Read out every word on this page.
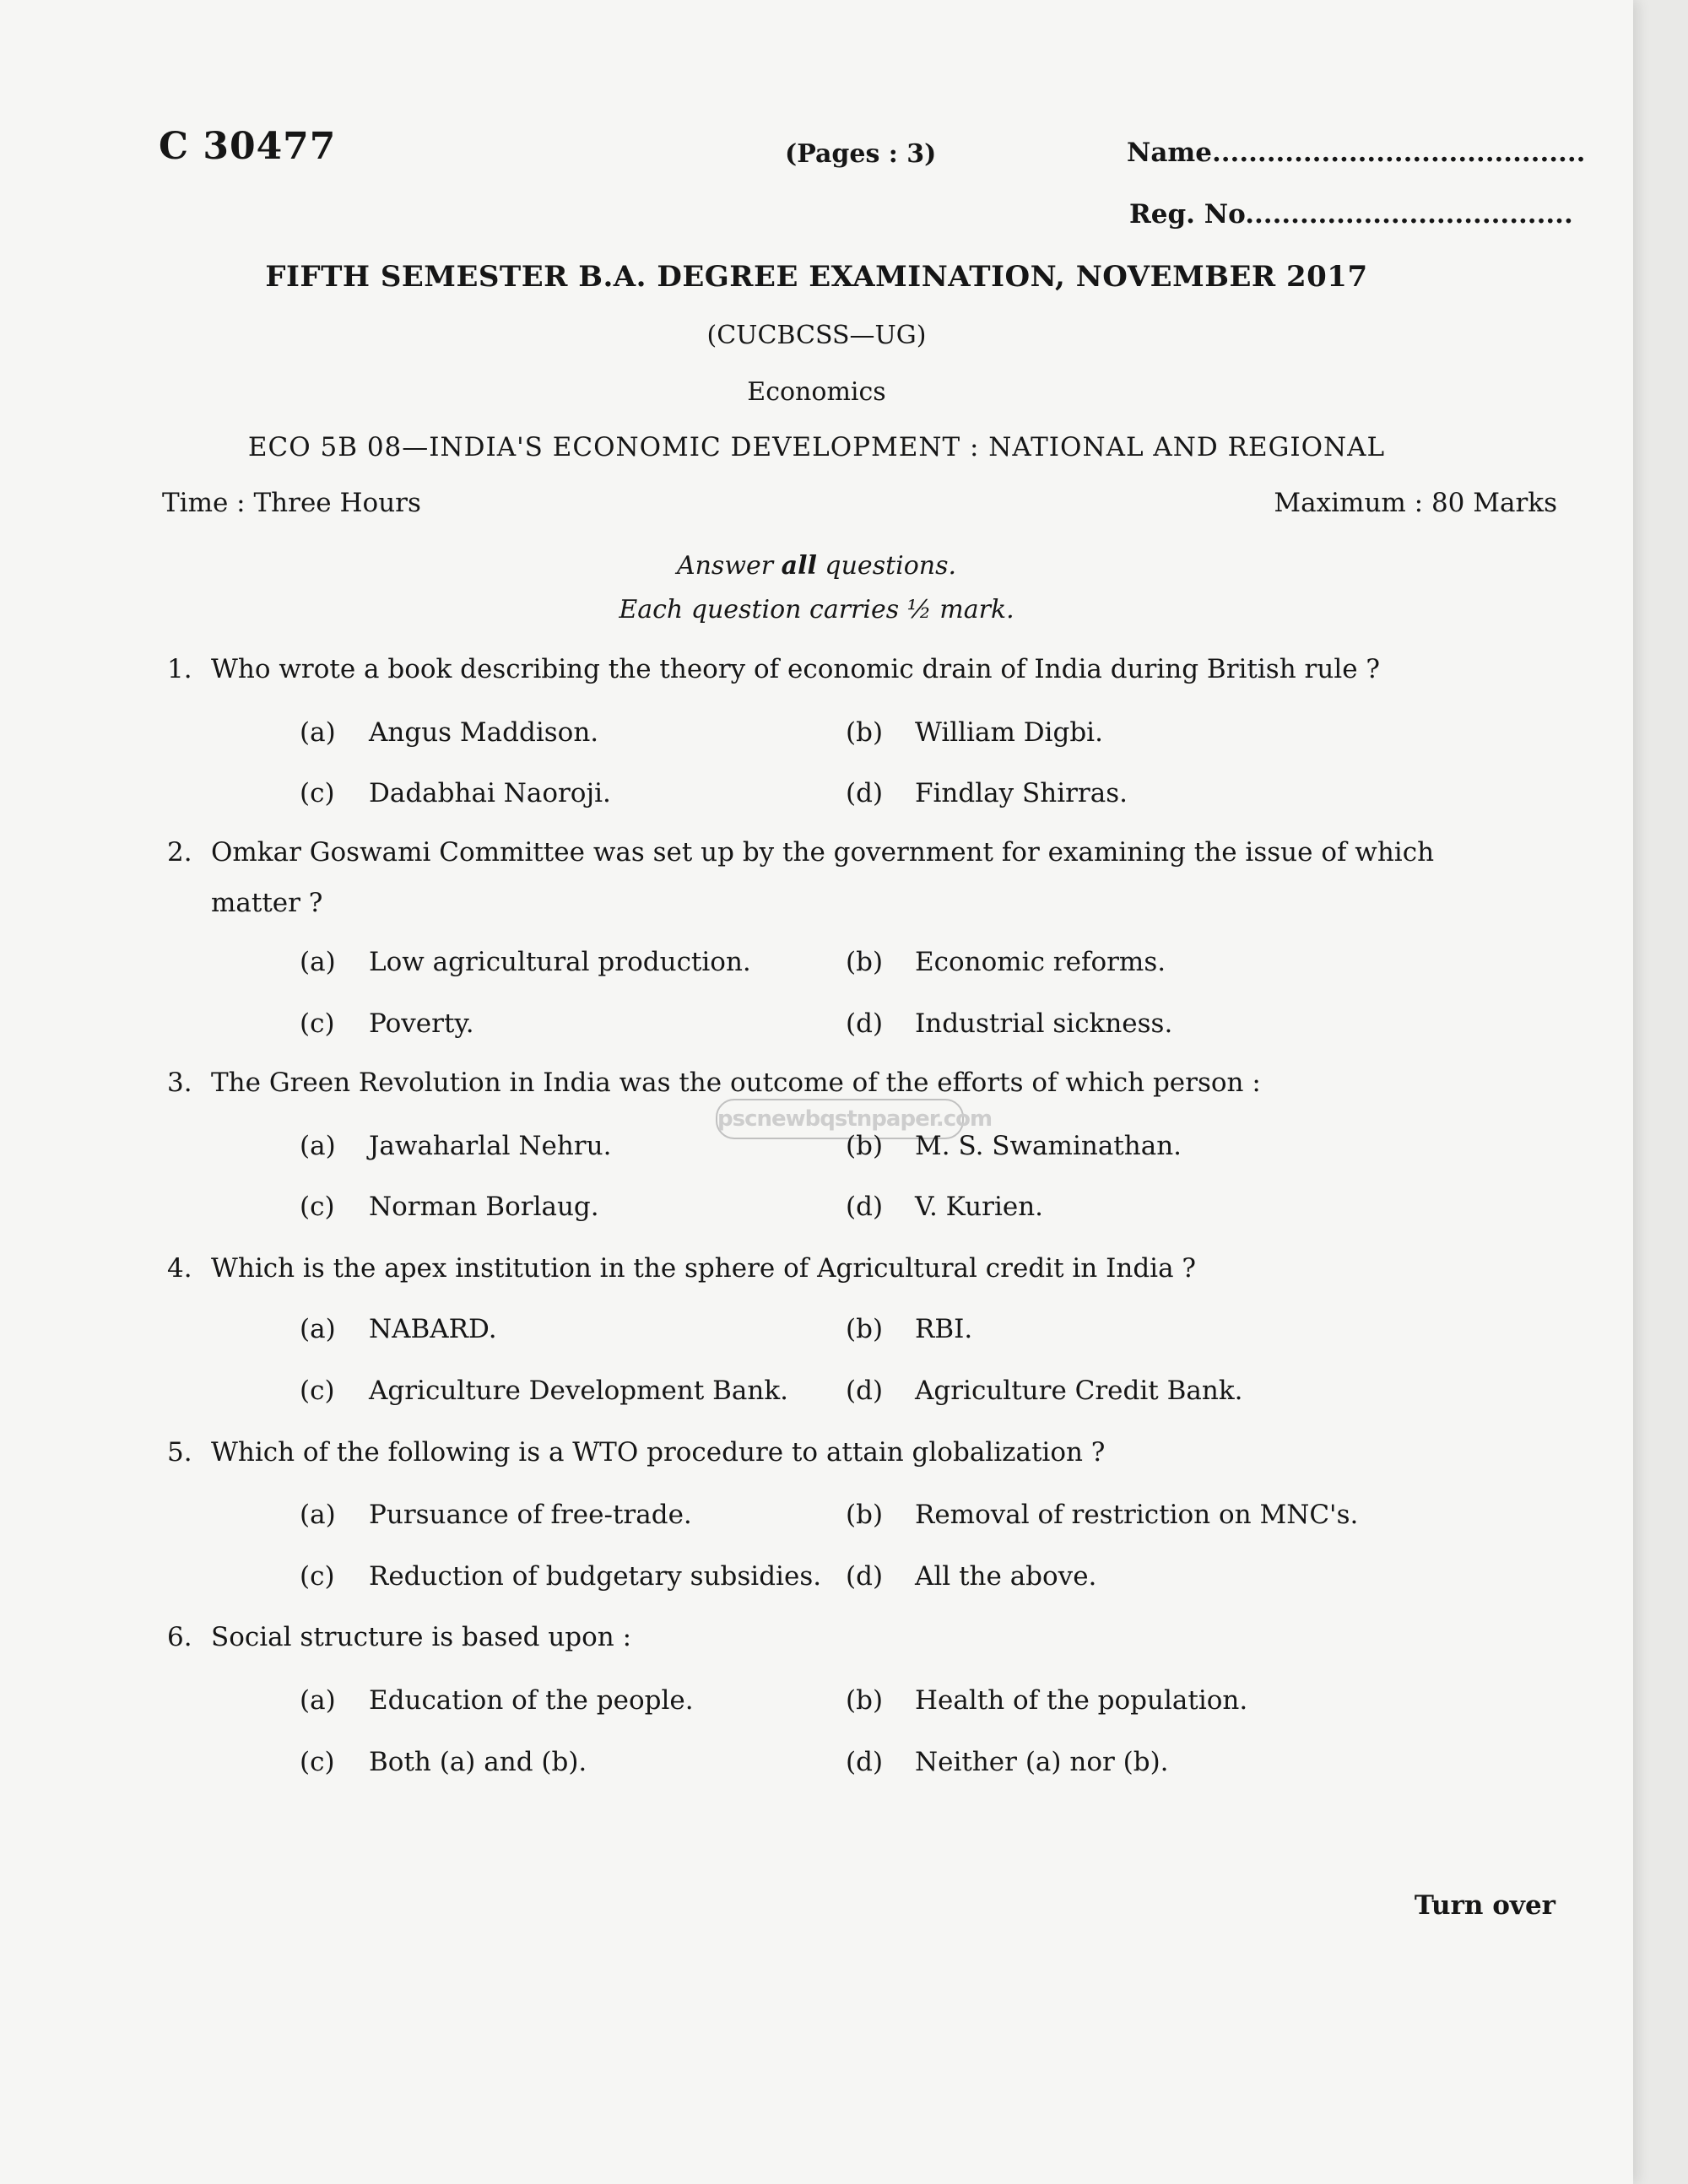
C 30477	(Pages : 3)	Name.........................................
Reg. No....................................
FIFTH SEMESTER B.A. DEGREE EXAMINATION, NOVEMBER 2017
(CUCBCSS—UG)
Economics
ECO 5B 08—INDIA'S ECONOMIC DEVELOPMENT : NATIONAL AND REGIONAL
Time : Three Hours	Maximum : 80 Marks
Answer all questions.
Each question carries ½ mark.
1. Who wrote a book describing the theory of economic drain of India during British rule ?
(a) Angus Maddison.	(b) William Digbi.
(c) Dadabhai Naoroji.	(d) Findlay Shirras.
2. Omkar Goswami Committee was set up by the government for examining the issue of which
matter ?
(a) Low agricultural production.	(b) Economic reforms.
(c) Poverty.	(d) Industrial sickness.
3. The Green Revolution in India was the outcome of the efforts of which person :
pscnewbqstnpaper.com
(a) Jawaharlal Nehru.	(b) M. S. Swaminathan.
(c) Norman Borlaug.	(d) V. Kurien.
4. Which is the apex institution in the sphere of Agricultural credit in India ?
(a) NABARD.	(b) RBI.
(c) Agriculture Development Bank. (d) Agriculture Credit Bank.
5. Which of the following is a WTO procedure to attain globalization ?
(a) Pursuance of free-trade.	(b) Removal of restriction on MNC's.
(c) Reduction of budgetary subsidies. (d) All the above.
6. Social structure is based upon :
(a) Education of the people.	(b) Health of the population.
(c) Both (a) and (b).	(d) Neither (a) nor (b).
Turn over
